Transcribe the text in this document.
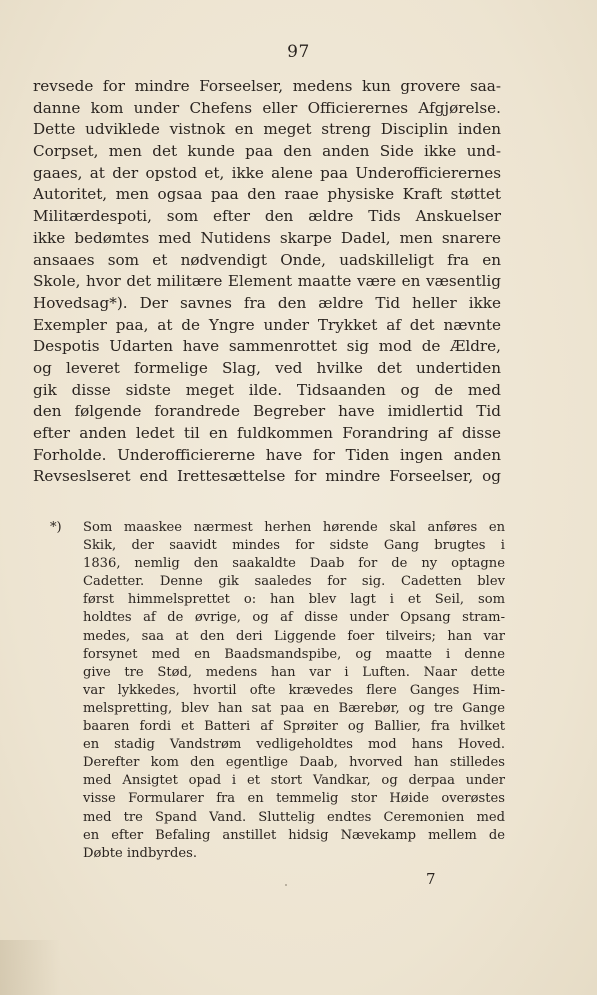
97
revsede for mindre Forseelser, medens kun grovere saa-
danne kom under Chefens eller Officierernes Afgjørelse.
Dette udviklede vistnok en meget streng Disciplin inden
Corpset, men det kunde paa den anden Side ikke und-
gaaes, at der opstod et, ikke alene paa Underofficierernes
Autoritet, men ogsaa paa den raae physiske Kraft støttet
Militærdespoti, som efter den ældre Tids Anskuelser
ikke bedømtes med Nutidens skarpe Dadel, men snarere
ansaaes som et nødvendigt Onde, uadskilleligt fra en
Skole, hvor det militære Element maatte være en væsentlig
Hovedsag*). Der savnes fra den ældre Tid heller ikke
Exempler paa, at de Yngre under Trykket af det nævnte
Despotis Udarten have sammenrottet sig mod de Ældre,
og leveret formelige Slag, ved hvilke det undertiden
gik disse sidste meget ilde. Tidsaanden og de med
den følgende forandrede Begreber have imidlertid Tid
efter anden ledet til en fuldkommen Forandring af disse
Forholde. Underofficiererne have for Tiden ingen anden
Revseslseret end Irettesættelse for mindre Forseelser, og
*) Som maaskee nærmest herhen hørende skal anføres en
Skik, der saavidt mindes for sidste Gang brugtes i
1836, nemlig den saakaldte Daab for de ny optagne
Cadetter. Denne gik saaledes for sig. Cadetten blev
først himmelsprettet o: han blev lagt i et Seil, som
holdtes af de øvrige, og af disse under Opsang stram-
medes, saa at den deri Liggende foer tilveirs; han var
forsynet med en Baadsmandspibe, og maatte i denne
give tre Stød, medens han var i Luften. Naar dette
var lykkedes, hvortil ofte krævedes flere Ganges Him-
melspretting, blev han sat paa en Bærebør, og tre Gange
baaren fordi et Batteri af Sprøiter og Ballier, fra hvilket
en stadig Vandstrøm vedligeholdtes mod hans Hoved.
Derefter kom den egentlige Daab, hvorved han stilledes
med Ansigtet opad i et stort Vandkar, og derpaa under
visse Formularer fra en temmelig stor Høide overøstes
med tre Spand Vand. Sluttelig endtes Ceremonien med
en efter Befaling anstillet hidsig Nævekamp mellem de
Døbte indbyrdes.
7
